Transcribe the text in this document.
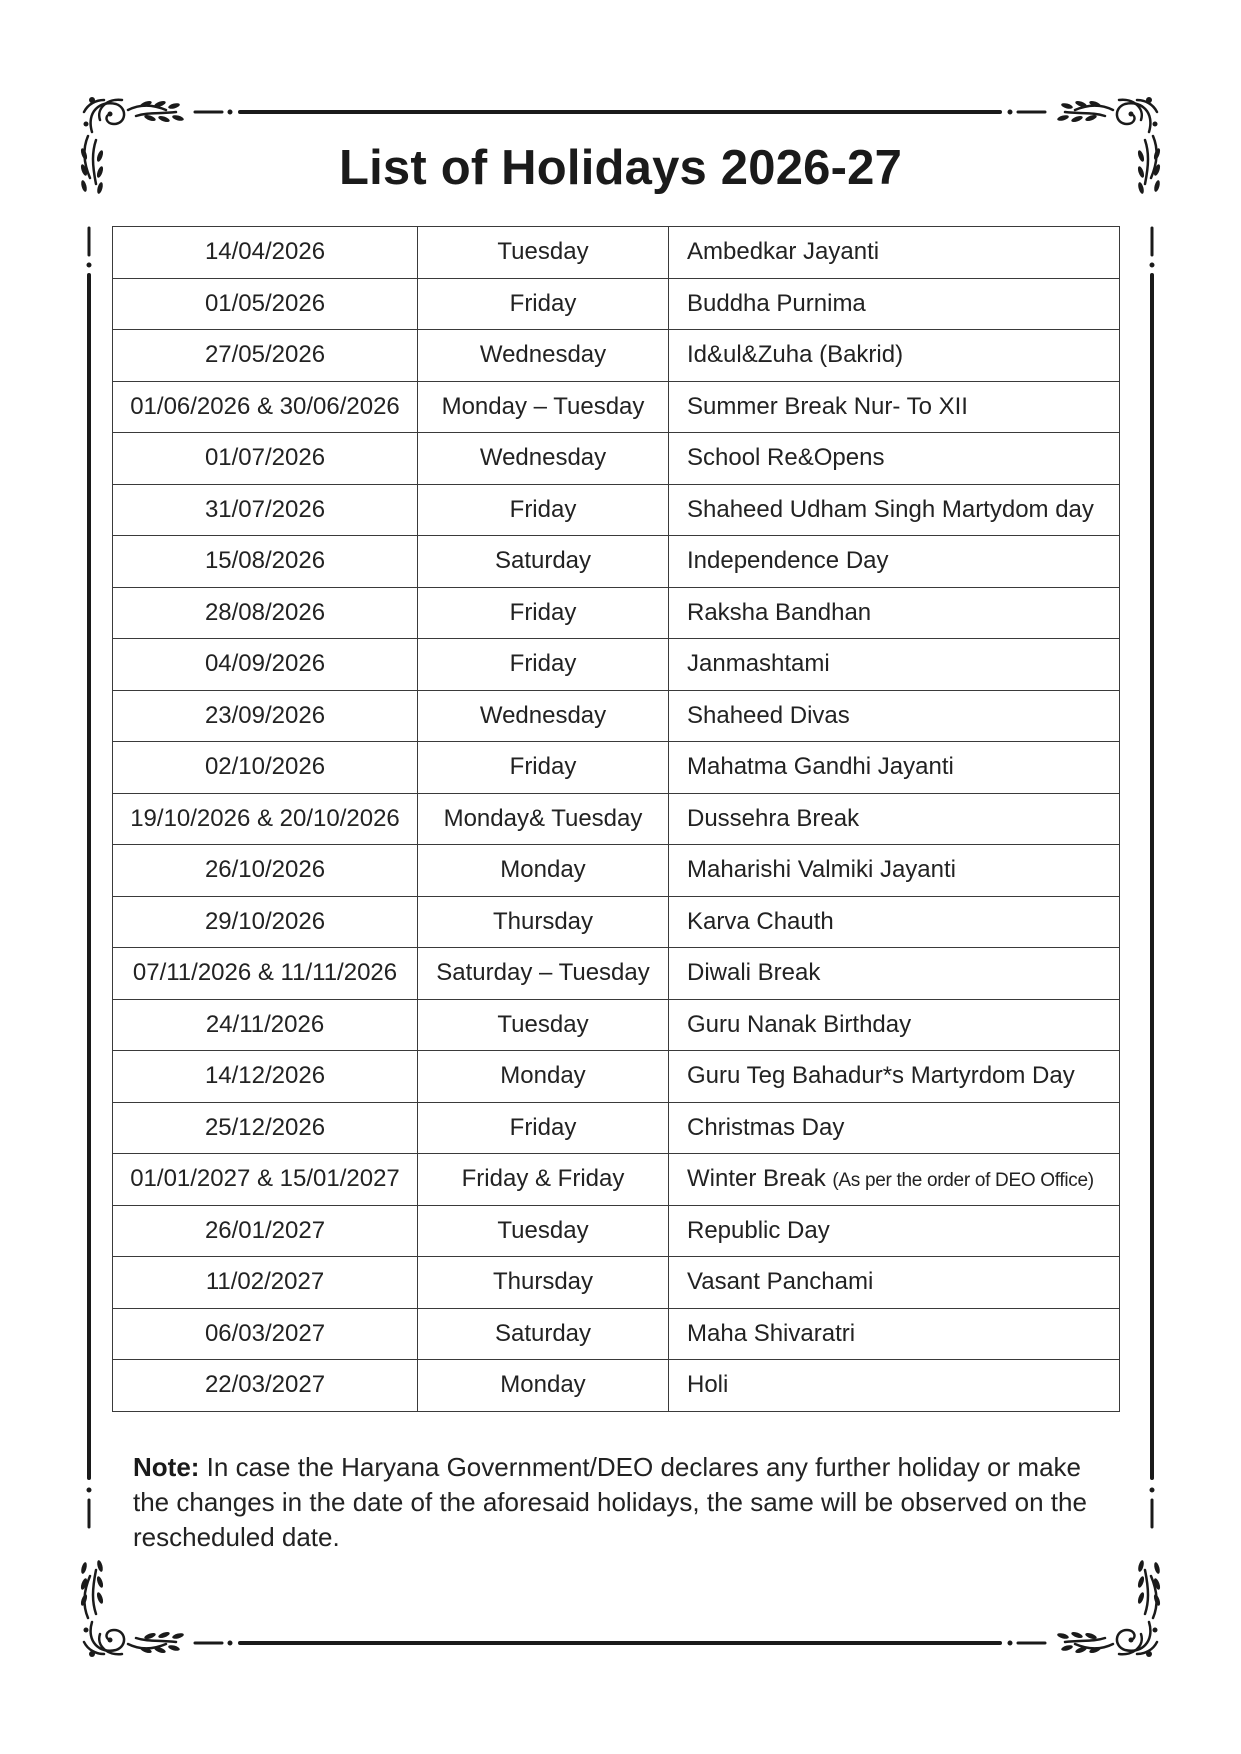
List of Holidays 2026-27
14/04/2026	Tuesday	Ambedkar Jayanti
01/05/2026	Friday	Buddha Purnima
27/05/2026	Wednesday	Id&ul&Zuha (Bakrid)
01/06/2026 & 30/06/2026	Monday – Tuesday	Summer Break Nur- To XII
01/07/2026	Wednesday	School Re&Opens
31/07/2026	Friday	Shaheed Udham Singh Martydom day
15/08/2026	Saturday	Independence Day
28/08/2026	Friday	Raksha Bandhan
04/09/2026	Friday	Janmashtami
23/09/2026	Wednesday	Shaheed Divas
02/10/2026	Friday	Mahatma Gandhi Jayanti
19/10/2026 & 20/10/2026	Monday& Tuesday	Dussehra Break
26/10/2026	Monday	Maharishi Valmiki Jayanti
29/10/2026	Thursday	Karva Chauth
07/11/2026 & 11/11/2026	Saturday – Tuesday	Diwali Break
24/11/2026	Tuesday	Guru Nanak Birthday
14/12/2026	Monday	Guru Teg Bahadur*s Martyrdom Day
25/12/2026	Friday	Christmas Day
01/01/2027 & 15/01/2027	Friday & Friday	Winter Break (As per the order of DEO Office)
26/01/2027	Tuesday	Republic Day
11/02/2027	Thursday	Vasant Panchami
06/03/2027	Saturday	Maha Shivaratri
22/03/2027	Monday	Holi

Note: In case the Haryana Government/DEO declares any further holiday or make the changes in the date of the aforesaid holidays, the same will be observed on the rescheduled date.
